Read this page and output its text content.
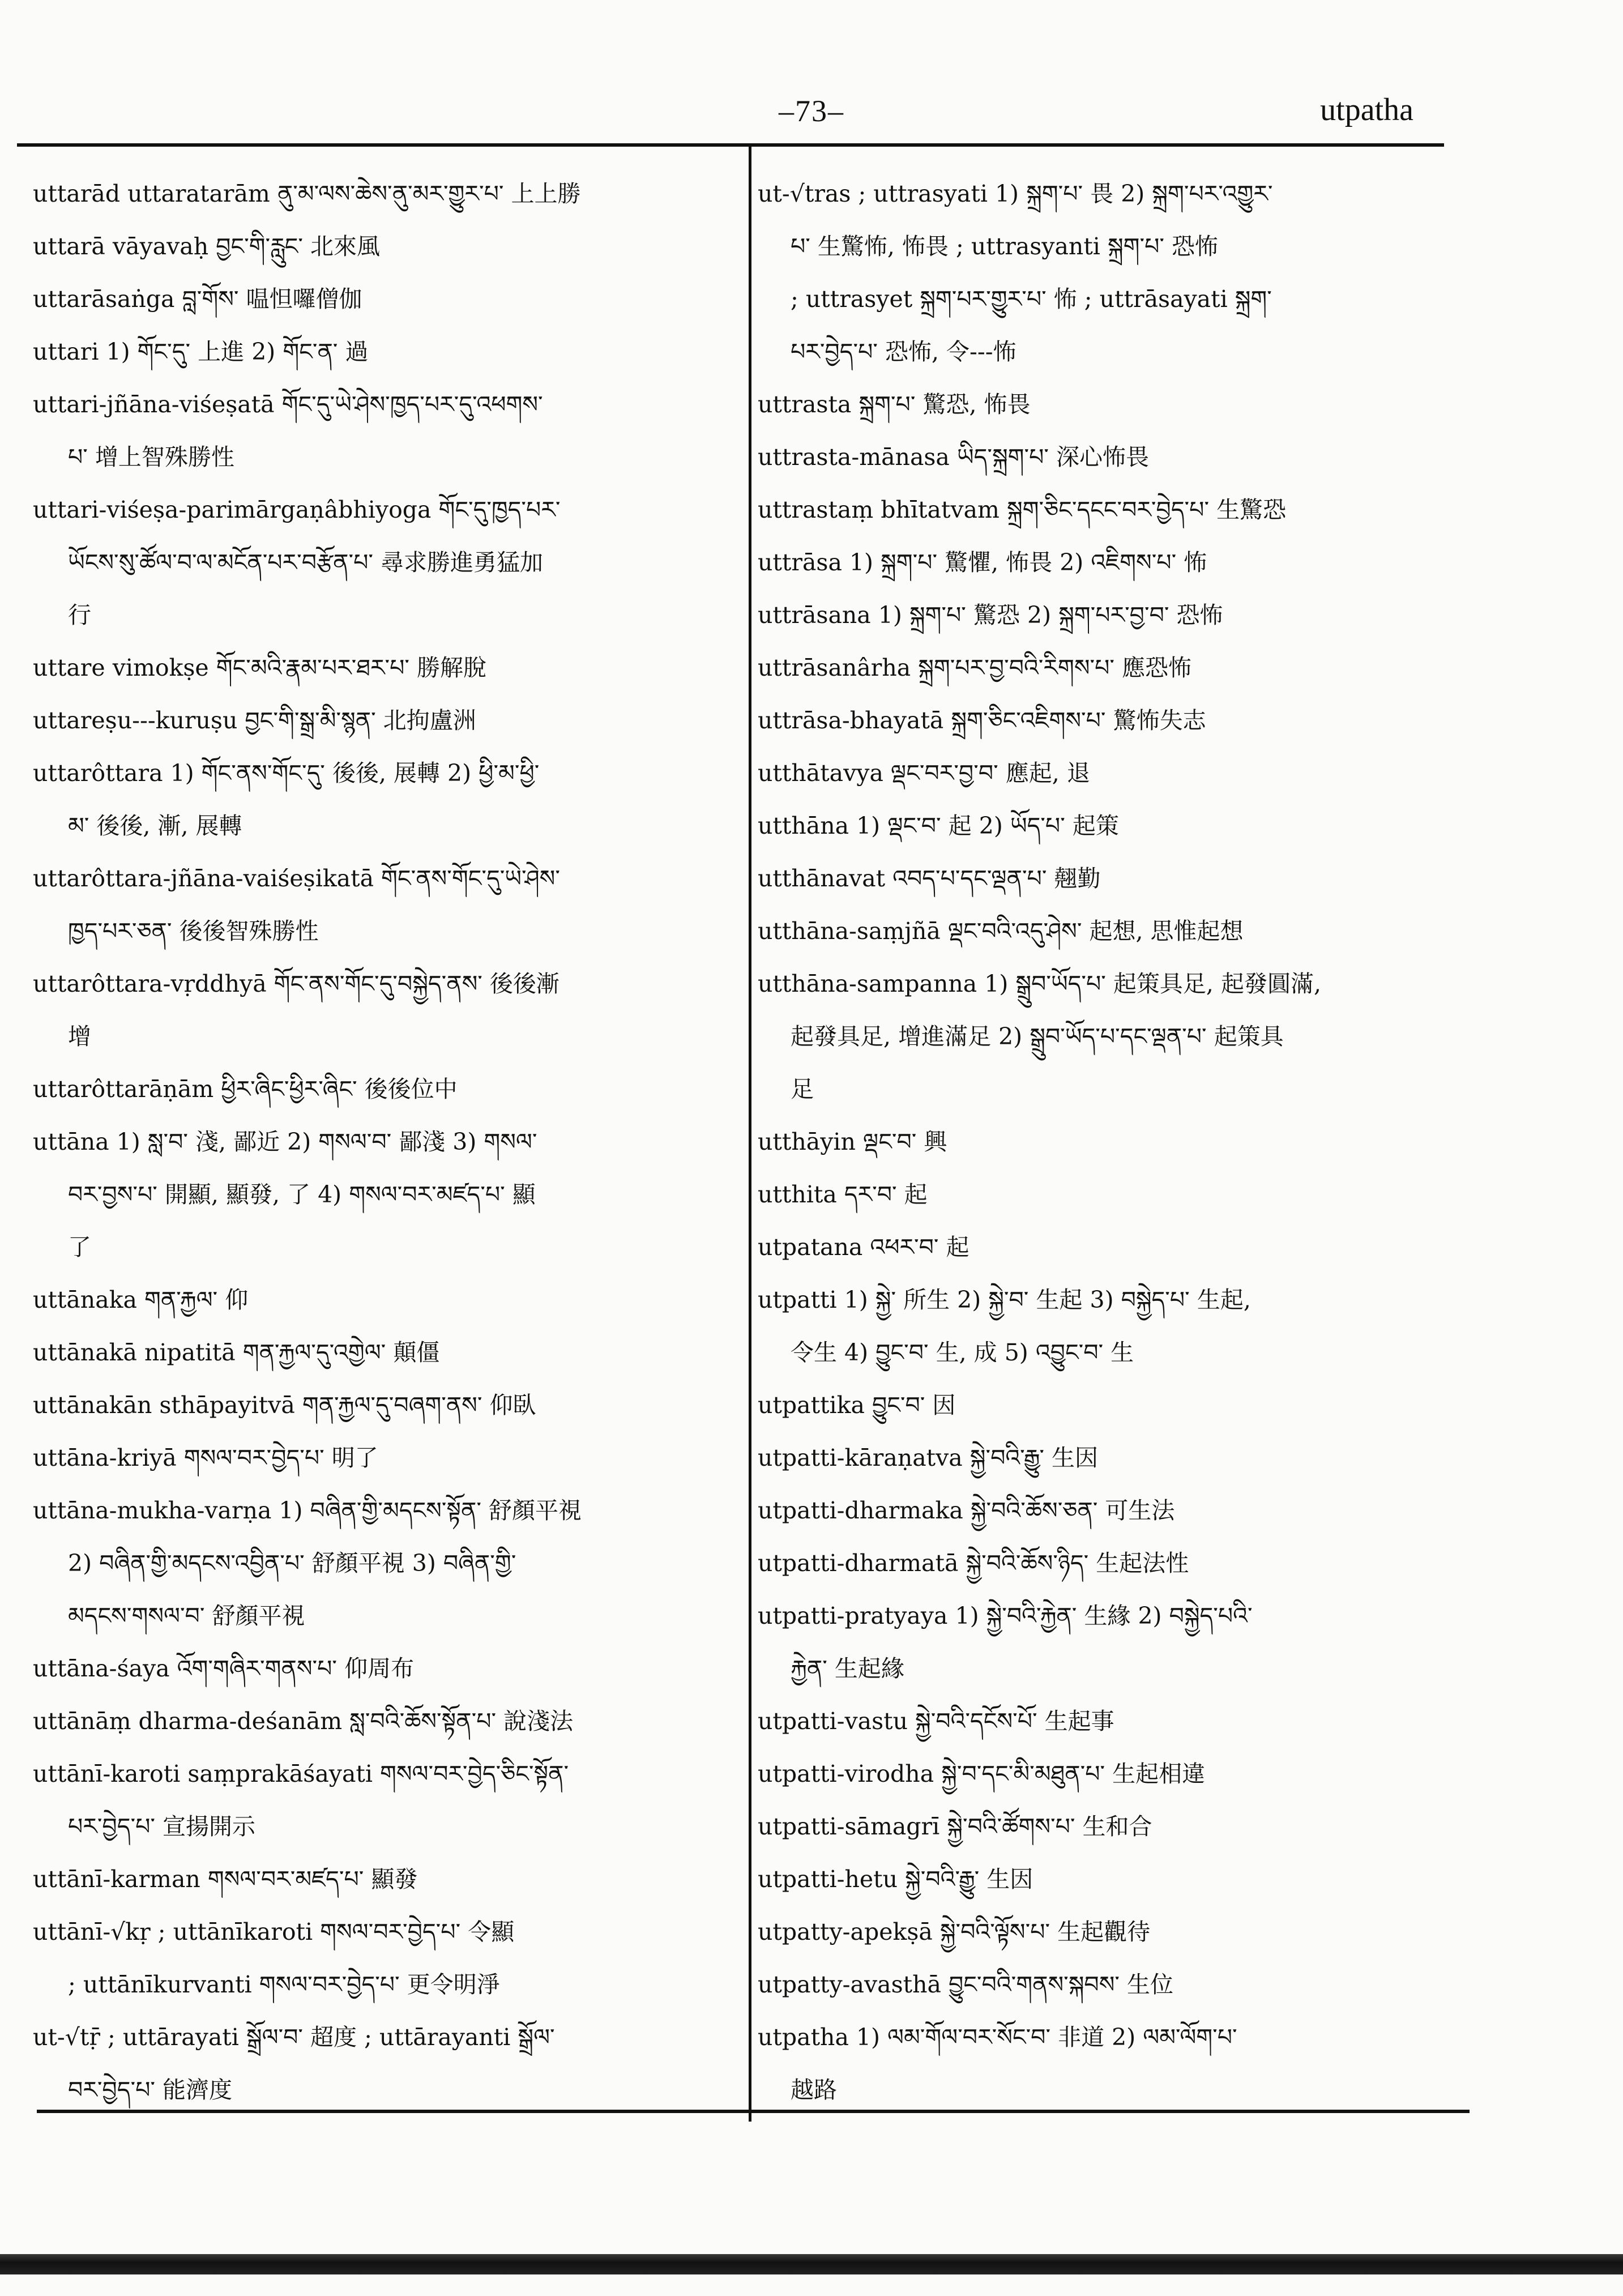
–73–	utpatha
uttarād uttaratarām ནུ་མ་ལས་ཆེས་ནུ་མར་གྱུར་པ་ 上上勝
uttarā vāyavaḥ བྱང་གི་རླུང་ 北來風
uttarāsaṅga བླ་གོས་ 嗢怛囉僧伽
uttari 1) གོང་དུ་ 上進 2) གོང་ན་ 過
uttari-jñāna-viśeṣatā གོང་དུ་ཡེ་ཤེས་ཁྱད་པར་དུ་འཕགས་
པ་ 增上智殊勝性
uttari-viśeṣa-parimārgaṇâbhiyoga གོང་དུ་ཁྱད་པར་
ཡོངས་སུ་ཚོལ་བ་ལ་མངོན་པར་བརྩོན་པ་ 尋求勝進勇猛加
行
uttare vimokṣe གོང་མའི་རྣམ་པར་ཐར་པ་ 勝解脫
uttareṣu---kuruṣu བྱང་གི་སྒྲ་མི་སྙན་ 北拘盧洲
uttarôttara 1) གོང་ནས་གོང་དུ་ 後後, 展轉 2) ཕྱི་མ་ཕྱི་
མ་ 後後, 漸, 展轉
uttarôttara-jñāna-vaiśeṣikatā གོང་ནས་གོང་དུ་ཡེ་ཤེས་
ཁྱད་པར་ཅན་ 後後智殊勝性
uttarôttara-vṛddhyā གོང་ནས་གོང་དུ་བསྐྱེད་ནས་ 後後漸
增
uttarôttarāṇām ཕྱིར་ཞིང་ཕྱིར་ཞིང་ 後後位中
uttāna 1) སླ་བ་ 淺, 鄙近 2) གསལ་བ་ 鄙淺 3) གསལ་
བར་བྱས་པ་ 開顯, 顯發, 了 4) གསལ་བར་མཛད་པ་ 顯
了
uttānaka གན་རྐྱལ་ 仰
uttānakā nipatitā གན་རྐྱལ་དུ་འགྱེལ་ 顛僵
uttānakān sthāpayitvā གན་རྐྱལ་དུ་བཞག་ནས་ 仰臥
uttāna-kriyā གསལ་བར་བྱེད་པ་ 明了
uttāna-mukha-varṇa 1) བཞིན་གྱི་མདངས་སྟོན་ 舒顏平視
2) བཞིན་གྱི་མདངས་འབྱིན་པ་ 舒顏平視 3) བཞིན་གྱི་
མདངས་གསལ་བ་ 舒顏平視
uttāna-śaya འོག་གཞིར་གནས་པ་ 仰周布
uttānāṃ dharma-deśanām སླ་བའི་ཆོས་སྟོན་པ་ 說淺法
uttānī-karoti saṃprakāśayati གསལ་བར་བྱེད་ཅིང་སྟོན་
པར་བྱེད་པ་ 宣揚開示
uttānī-karman གསལ་བར་མཛད་པ་ 顯發
uttānī-√kṛ ; uttānīkaroti གསལ་བར་བྱེད་པ་ 令顯
; uttānīkurvanti གསལ་བར་བྱེད་པ་ 更令明淨
ut-√tṝ ; uttārayati སྒྲོལ་བ་ 超度 ; uttārayanti སྒྲོལ་
བར་བྱེད་པ་ 能濟度
ut-√tras ; uttrasyati 1) སྐྲག་པ་ 畏 2) སྐྲག་པར་འགྱུར་
པ་ 生驚怖, 怖畏 ; uttrasyanti སྐྲག་པ་ 恐怖
; uttrasyet སྐྲག་པར་གྱུར་པ་ 怖 ; uttrāsayati སྐྲག་
པར་བྱེད་པ་ 恐怖, 令---怖
uttrasta སྐྲག་པ་ 驚恐, 怖畏
uttrasta-mānasa ཡིད་སྐྲག་པ་ 深心怖畏
uttrastaṃ bhītatvam སྐྲག་ཅིང་དངང་བར་བྱེད་པ་ 生驚恐
uttrāsa 1) སྐྲག་པ་ 驚懼, 怖畏 2) འཇིགས་པ་ 怖
uttrāsana 1) སྐྲག་པ་ 驚恐 2) སྐྲག་པར་བྱ་བ་ 恐怖
uttrāsanârha སྐྲག་པར་བྱ་བའི་རིགས་པ་ 應恐怖
uttrāsa-bhayatā སྐྲག་ཅིང་འཇིགས་པ་ 驚怖失志
utthātavya ལྡང་བར་བྱ་བ་ 應起, 退
utthāna 1) ལྡང་བ་ 起 2) ཡོད་པ་ 起策
utthānavat འབད་པ་དང་ལྡན་པ་ 翹勤
utthāna-saṃjñā ལྡང་བའི་འདུ་ཤེས་ 起想, 思惟起想
utthāna-sampanna 1) སྒྲུབ་ཡོད་པ་ 起策具足, 起發圓滿,
起發具足, 增進滿足 2) སྒྲུབ་ཡོད་པ་དང་ལྡན་པ་ 起策具
足
utthāyin ལྡང་བ་ 興
utthita དར་བ་ 起
utpatana འཕར་བ་ 起
utpatti 1) སྐྱེ་ 所生 2) སྐྱེ་བ་ 生起 3) བསྐྱེད་པ་ 生起,
令生 4) བྱུང་བ་ 生, 成 5) འབྱུང་བ་ 生
utpattika བྱུང་བ་ 因
utpatti-kāraṇatva སྐྱེ་བའི་རྒྱུ་ 生因
utpatti-dharmaka སྐྱེ་བའི་ཆོས་ཅན་ 可生法
utpatti-dharmatā སྐྱེ་བའི་ཆོས་ཉིད་ 生起法性
utpatti-pratyaya 1) སྐྱེ་བའི་རྐྱེན་ 生緣 2) བསྐྱེད་པའི་
རྐྱེན་ 生起緣
utpatti-vastu སྐྱེ་བའི་དངོས་པོ་ 生起事
utpatti-virodha སྐྱེ་བ་དང་མི་མཐུན་པ་ 生起相違
utpatti-sāmagrī སྐྱེ་བའི་ཚོགས་པ་ 生和合
utpatti-hetu སྐྱེ་བའི་རྒྱུ་ 生因
utpatty-apekṣā སྐྱེ་བའི་ལྟོས་པ་ 生起觀待
utpatty-avasthā བྱུང་བའི་གནས་སྐབས་ 生位
utpatha 1) ལམ་གོལ་བར་སོང་བ་ 非道 2) ལམ་ལོག་པ་
越路
